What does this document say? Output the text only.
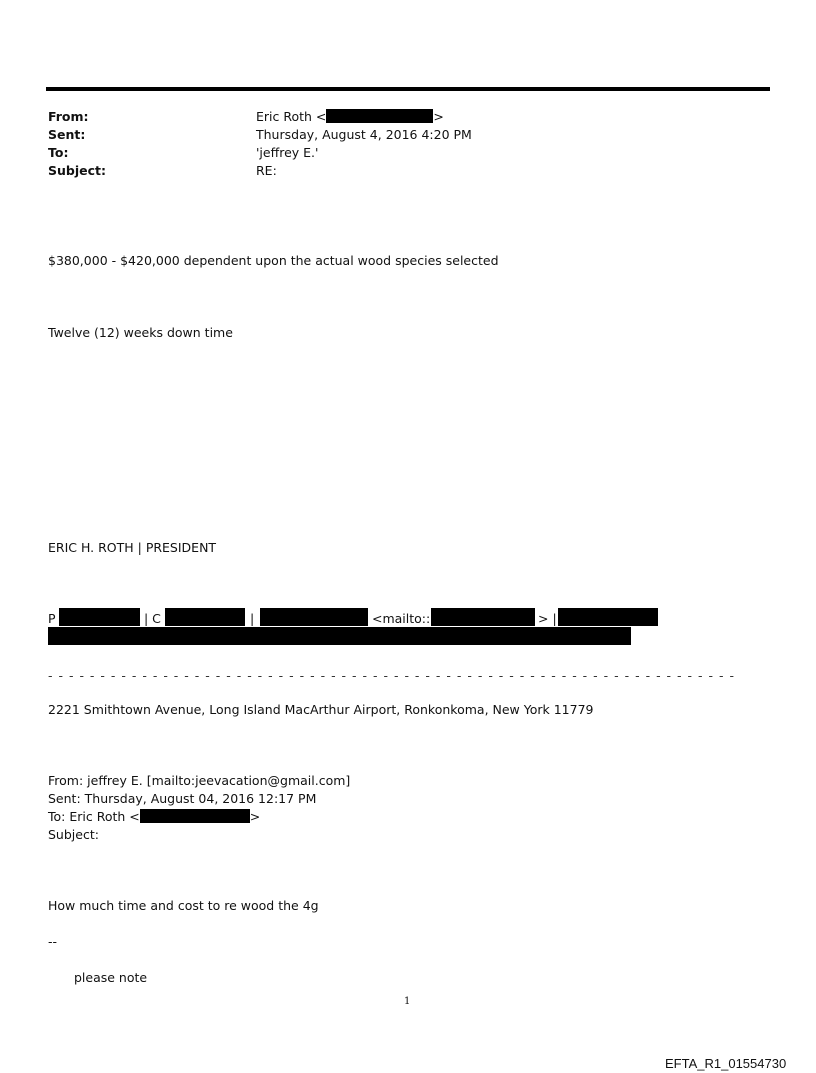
From:	Eric Roth <	>
Sent:	Thursday, August 4, 2016 4:20 PM
To:	'jeffrey E.'
Subject:	RE:
$380,000 - $420,000 dependent upon the actual wood species selected
Twelve (12) weeks down time
ERIC H. ROTH | PRESIDENT
P	| C	|	<mailto::	> |
- - - - - - - - - - - - - - - - - - - - - - - - - - - - - - - - - - - - - - - - - - - - - - - - - - - - - - - - - - - - - - - - - -
2221 Smithtown Avenue, Long Island MacArthur Airport, Ronkonkoma, New York 11779
From: jeffrey E. [mailto:jeevacation@gmail.com]
Sent: Thursday, August 04, 2016 12:17 PM
To: Eric Roth <	>
Subject:
How much time and cost to re wood the 4g
--
please note
1
EFTA_R1_01554730
